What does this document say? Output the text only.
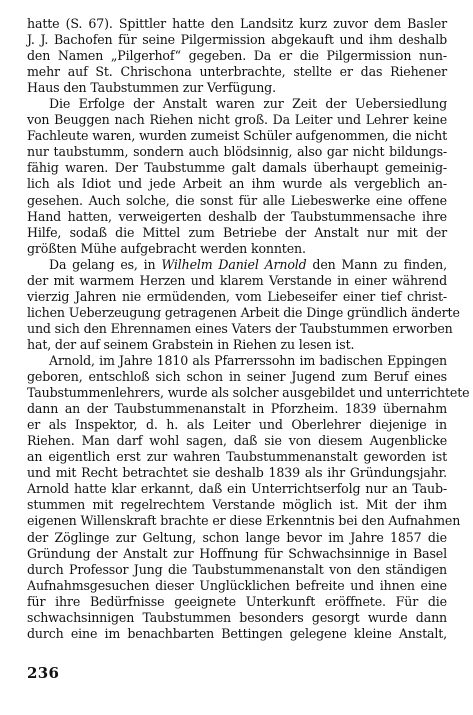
hatte (S. 67). Spittler hatte den Landsitz kurz zuvor dem Basler
J. J. Bachofen für seine Pilgermission abgekauft und ihm deshalb
den Namen „Pilgerhof“ gegeben. Da er die Pilgermission nun-
mehr auf St. Chrischona unterbrachte, stellte er das Riehener
Haus den Taubstummen zur Verfügung.
Die Erfolge der Anstalt waren zur Zeit der Uebersiedlung
von Beuggen nach Riehen nicht groß. Da Leiter und Lehrer keine
Fachleute waren, wurden zumeist Schüler aufgenommen, die nicht
nur taubstumm, sondern auch blödsinnig, also gar nicht bildungs-
fähig waren. Der Taubstumme galt damals überhaupt gemeinig-
lich als Idiot und jede Arbeit an ihm wurde als vergeblich an-
gesehen. Auch solche, die sonst für alle Liebeswerke eine offene
Hand hatten, verweigerten deshalb der Taubstummensache ihre
Hilfe, sodaß die Mittel zum Betriebe der Anstalt nur mit der
größten Mühe aufgebracht werden konnten.
Da gelang es, in Wilhelm Daniel Arnold den Mann zu finden,
der mit warmem Herzen und klarem Verstande in einer während
vierzig Jahren nie ermüdenden, vom Liebeseifer einer tief christ-
lichen Ueberzeugung getragenen Arbeit die Dinge gründlich änderte
und sich den Ehrennamen eines Vaters der Taubstummen erworben
hat, der auf seinem Grabstein in Riehen zu lesen ist.
Arnold, im Jahre 1810 als Pfarrerssohn im badischen Eppingen
geboren, entschloß sich schon in seiner Jugend zum Beruf eines
Taubstummenlehrers, wurde als solcher ausgebildet und unterrichtete
dann an der Taubstummenanstalt in Pforzheim. 1839 übernahm
er als Inspektor, d. h. als Leiter und Oberlehrer diejenige in
Riehen. Man darf wohl sagen, daß sie von diesem Augenblicke
an eigentlich erst zur wahren Taubstummenanstalt geworden ist
und mit Recht betrachtet sie deshalb 1839 als ihr Gründungsjahr.
Arnold hatte klar erkannt, daß ein Unterrichtserfolg nur an Taub-
stummen mit regelrechtem Verstande möglich ist. Mit der ihm
eigenen Willenskraft brachte er diese Erkenntnis bei den Aufnahmen
der Zöglinge zur Geltung, schon lange bevor im Jahre 1857 die
Gründung der Anstalt zur Hoffnung für Schwachsinnige in Basel
durch Professor Jung die Taubstummenanstalt von den ständigen
Aufnahmsgesuchen dieser Unglücklichen befreite und ihnen eine
für ihre Bedürfnisse geeignete Unterkunft eröffnete. Für die
schwachsinnigen Taubstummen besonders gesorgt wurde dann
durch eine im benachbarten Bettingen gelegene kleine Anstalt,
236
